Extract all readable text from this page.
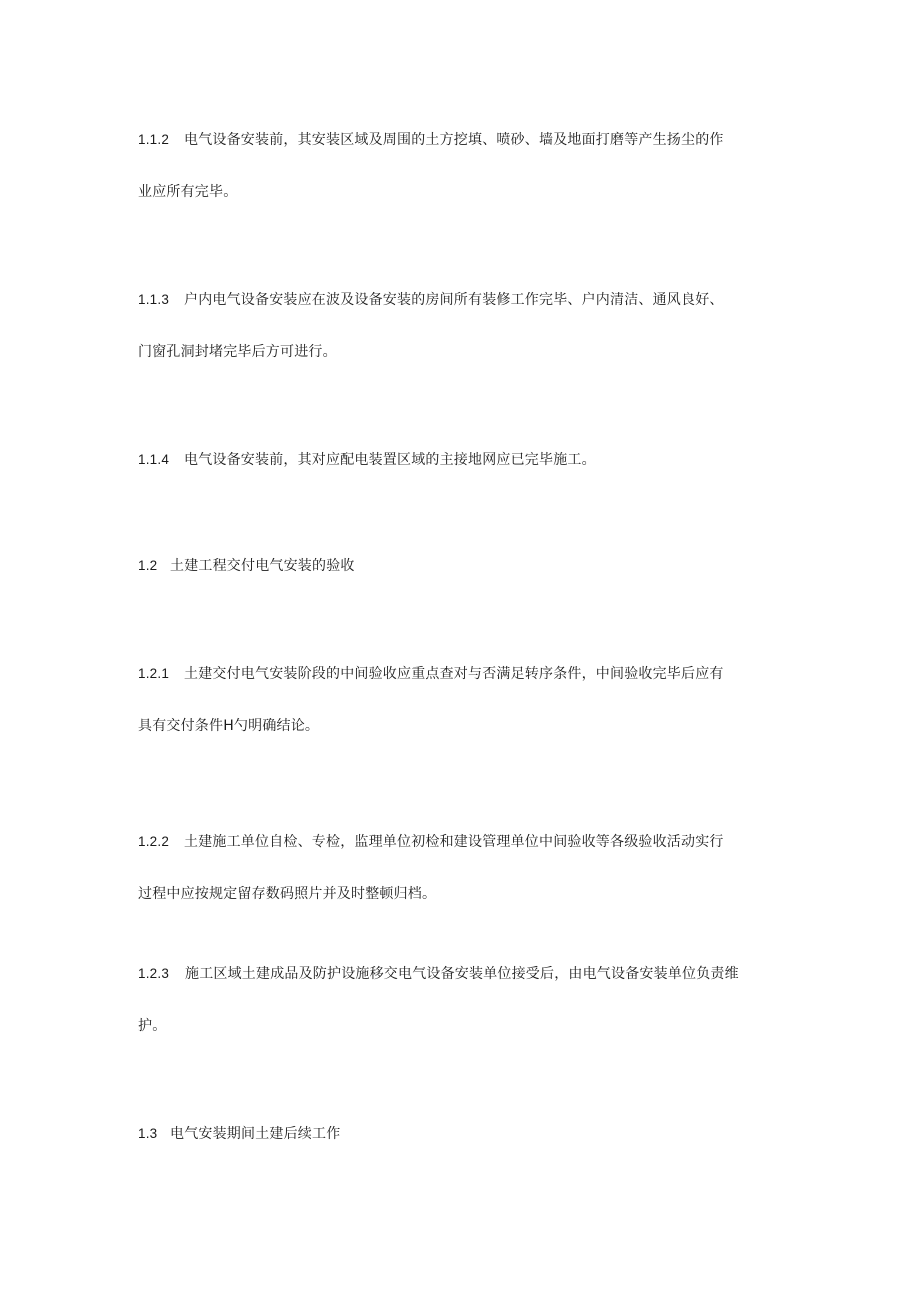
1.1.2 电气设备安装前，其安装区域及周围的土方挖填、喷砂、墙及地面打磨等产生扬尘的作
业应所有完毕。
1.1.3 户内电气设备安装应在波及设备安装的房间所有装修工作完毕、户内清洁、通风良好、
门窗孔洞封堵完毕后方可进行。
1.1.4 电气设备安装前，其对应配电装置区域的主接地网应已完毕施工。
1.2 土建工程交付电气安装的验收
1.2.1 土建交付电气安装阶段的中间验收应重点查对与否满足转序条件，中间验收完毕后应有
具有交付条件H勺明确结论。
1.2.2 土建施工单位自检、专检，监理单位初检和建设管理单位中间验收等各级验收活动实行
过程中应按规定留存数码照片并及时整顿归档。
1.2.3 施工区域土建成品及防护设施移交电气设备安装单位接受后，由电气设备安装单位负责维
护。
1.3 电气安装期间土建后续工作
